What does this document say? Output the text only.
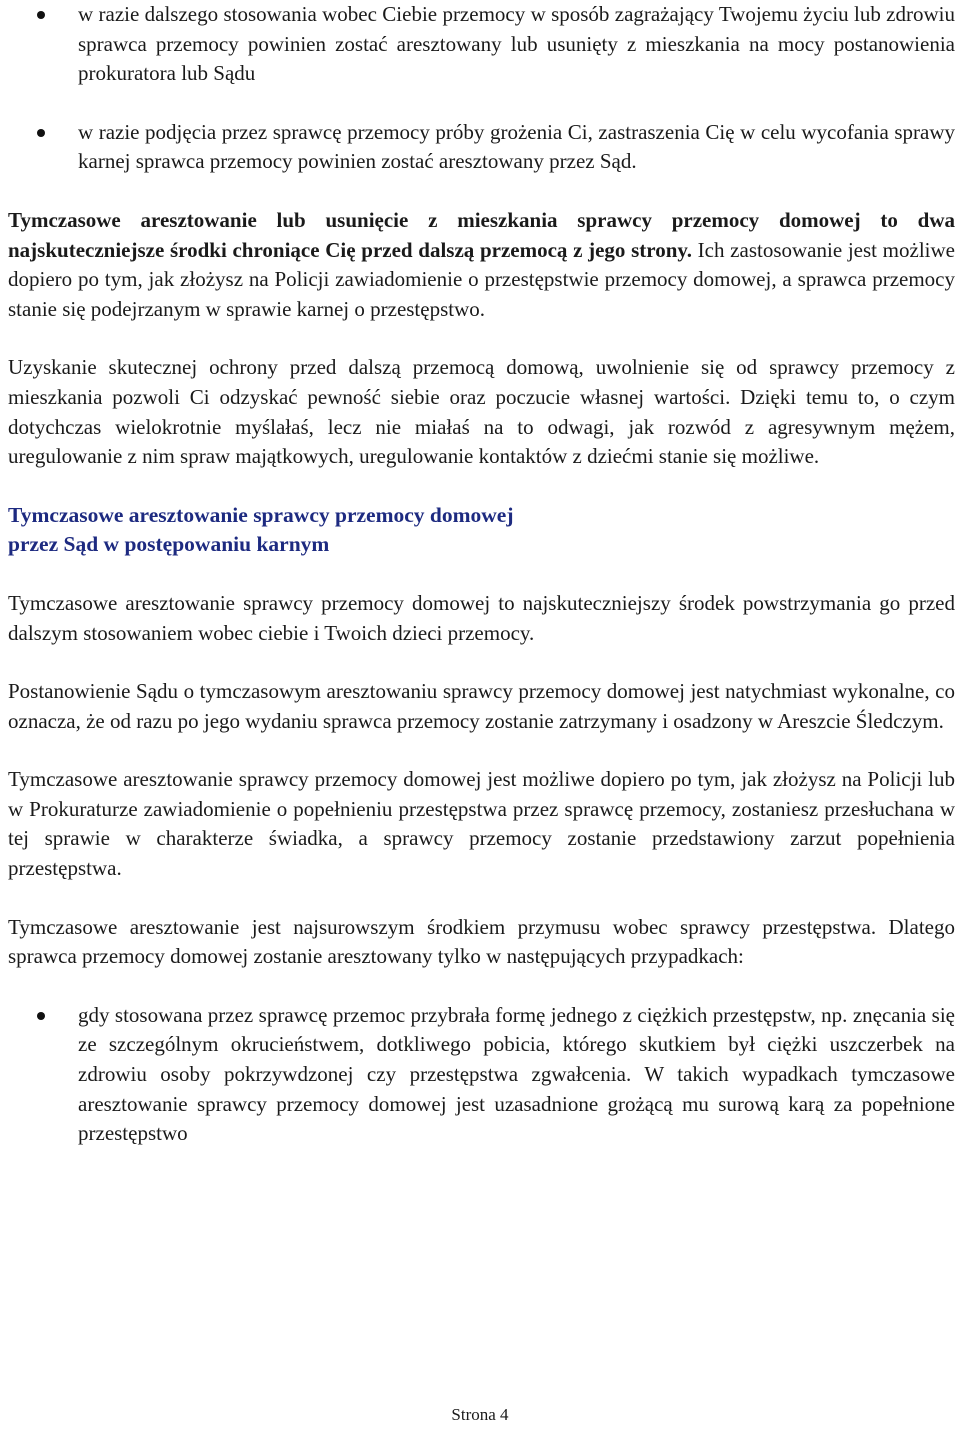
w razie dalszego stosowania wobec Ciebie przemocy w sposób zagrażający Twojemu życiu lub zdrowiu sprawca przemocy powinien zostać aresztowany lub usunięty z mieszkania na mocy postanowienia prokuratora lub Sądu
w razie podjęcia przez sprawcę przemocy próby grożenia Ci, zastraszenia Cię w celu wycofania sprawy karnej sprawca przemocy powinien zostać aresztowany przez Sąd.

Tymczasowe aresztowanie lub usunięcie z mieszkania sprawcy przemocy domowej to dwa najskuteczniejsze środki chroniące Cię przed dalszą przemocą z jego strony. Ich zastosowanie jest możliwe dopiero po tym, jak złożysz na Policji zawiadomienie o przestępstwie przemocy domowej, a sprawca przemocy stanie się podejrzanym w sprawie karnej o przestępstwo.

Uzyskanie skutecznej ochrony przed dalszą przemocą domową, uwolnienie się od sprawcy przemocy z mieszkania pozwoli Ci odzyskać pewność siebie oraz poczucie własnej wartości. Dzięki temu to, o czym dotychczas wielokrotnie myślałaś, lecz nie miałaś na to odwagi, jak rozwód z agresywnym mężem, uregulowanie z nim spraw majątkowych, uregulowanie kontaktów z dziećmi stanie się możliwe.

Tymczasowe aresztowanie sprawcy przemocy domowej
przez Sąd w postępowaniu karnym

Tymczasowe aresztowanie sprawcy przemocy domowej to najskuteczniejszy środek powstrzymania go przed dalszym stosowaniem wobec ciebie i Twoich dzieci przemocy.

Postanowienie Sądu o tymczasowym aresztowaniu sprawcy przemocy domowej jest natychmiast wykonalne, co oznacza, że od razu po jego wydaniu sprawca przemocy zostanie zatrzymany i osadzony w Areszcie Śledczym.

Tymczasowe aresztowanie sprawcy przemocy domowej jest możliwe dopiero po tym, jak złożysz na Policji lub w Prokuraturze zawiadomienie o popełnieniu przestępstwa przez sprawcę przemocy, zostaniesz przesłuchana w tej sprawie w charakterze świadka, a sprawcy przemocy zostanie przedstawiony zarzut popełnienia przestępstwa.

Tymczasowe aresztowanie jest najsurowszym środkiem przymusu wobec sprawcy przestępstwa. Dlatego sprawca przemocy domowej zostanie aresztowany tylko w następujących przypadkach:

gdy stosowana przez sprawcę przemoc przybrała formę jednego z ciężkich przestępstw, np. znęcania się ze szczególnym okrucieństwem, dotkliwego pobicia, którego skutkiem był ciężki uszczerbek na zdrowiu osoby pokrzywdzonej czy przestępstwa zgwałcenia. W takich wypadkach tymczasowe aresztowanie sprawcy przemocy domowej jest uzasadnione grożącą mu surową karą za popełnione przestępstwo
Strona 4
